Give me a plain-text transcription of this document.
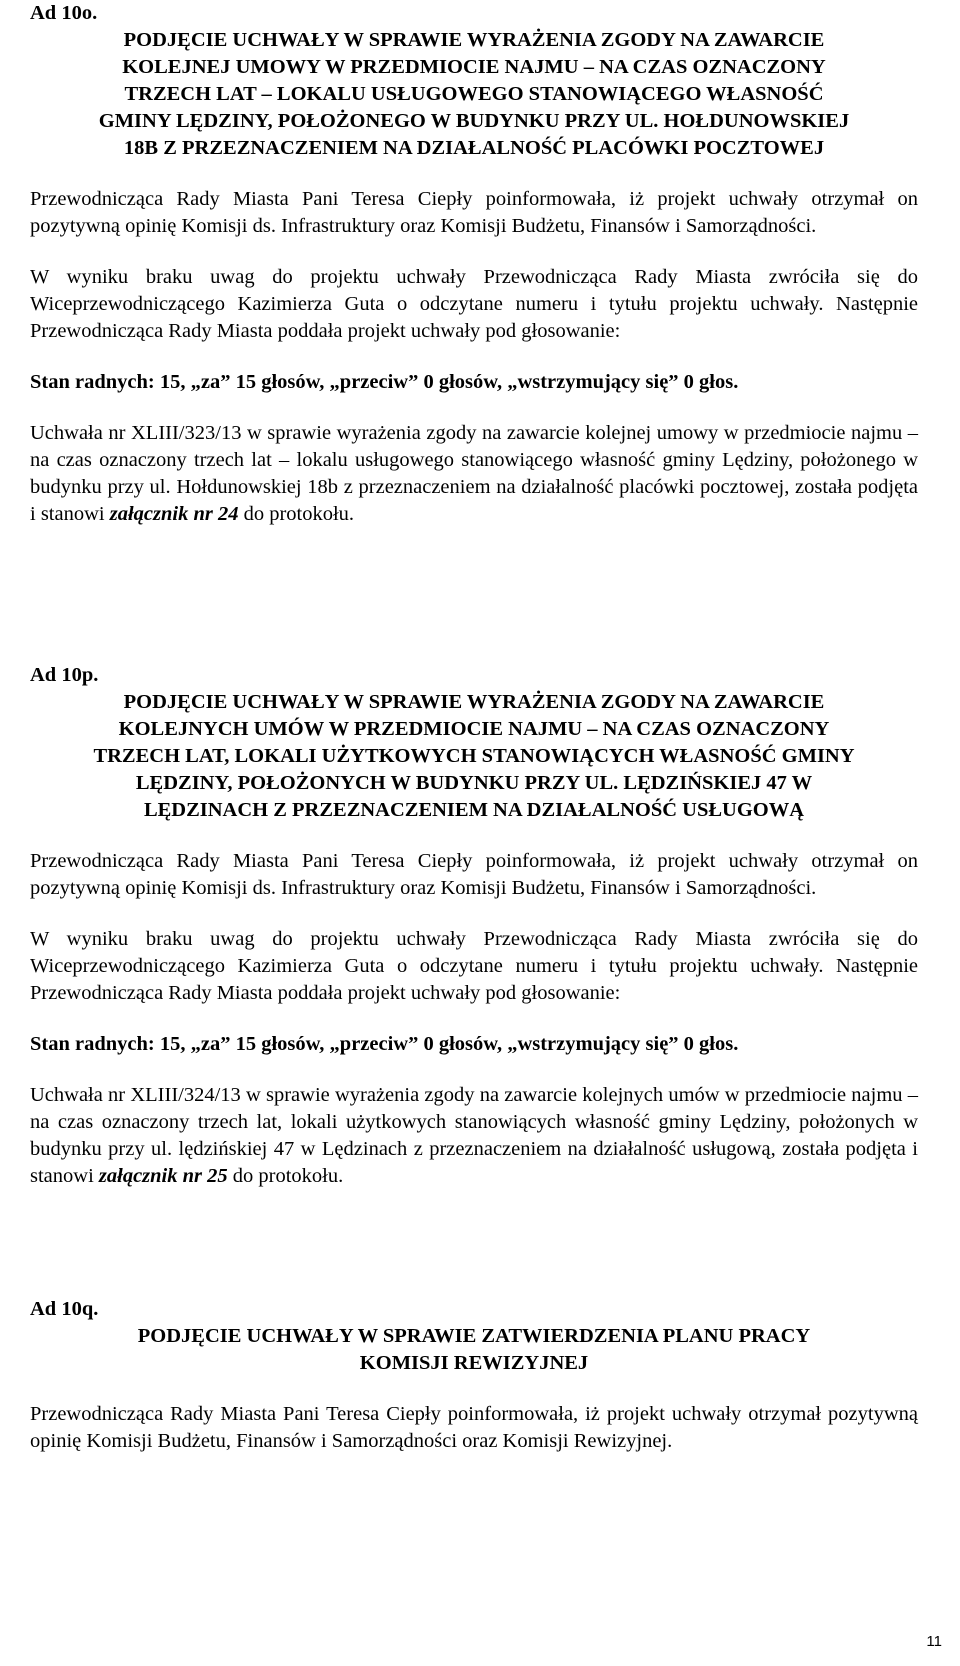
Ad 10o.

PODJĘCIE UCHWAŁY W SPRAWIE WYRAŻENIA ZGODY NA ZAWARCIE
KOLEJNEJ UMOWY W PRZEDMIOCIE NAJMU – NA CZAS OZNACZONY
TRZECH LAT – LOKALU USŁUGOWEGO STANOWIĄCEGO WŁASNOŚĆ
GMINY LĘDZINY, POŁOŻONEGO W BUDYNKU PRZY UL. HOŁDUNOWSKIEJ
18B Z PRZEZNACZENIEM NA DZIAŁALNOŚĆ PLACÓWKI POCZTOWEJ

Przewodnicząca Rady Miasta Pani Teresa Ciepły poinformowała, iż projekt uchwały otrzymał on pozytywną opinię Komisji ds. Infrastruktury oraz Komisji Budżetu, Finansów i Samorządności.

W wyniku braku uwag do projektu uchwały Przewodnicząca Rady Miasta zwróciła się do Wiceprzewodniczącego Kazimierza Guta o odczytane numeru i tytułu projektu uchwały. Następnie Przewodnicząca Rady Miasta poddała projekt uchwały pod głosowanie:

Stan radnych: 15, „za” 15 głosów, „przeciw” 0 głosów, „wstrzymujący się” 0 głos.

Uchwała nr XLIII/323/13 w sprawie wyrażenia zgody na zawarcie kolejnej umowy w przedmiocie najmu – na czas oznaczony trzech lat – lokalu usługowego stanowiącego własność gminy Lędziny, położonego w budynku przy ul. Hołdunowskiej 18b z przeznaczeniem na działalność placówki pocztowej, została podjęta i stanowi załącznik nr 24 do protokołu.

Ad 10p.

PODJĘCIE UCHWAŁY W SPRAWIE WYRAŻENIA ZGODY NA ZAWARCIE
KOLEJNYCH UMÓW W PRZEDMIOCIE NAJMU – NA CZAS OZNACZONY
TRZECH LAT, LOKALI UŻYTKOWYCH STANOWIĄCYCH WŁASNOŚĆ GMINY
LĘDZINY, POŁOŻONYCH W BUDYNKU PRZY UL. LĘDZIŃSKIEJ 47 W
LĘDZINACH Z PRZEZNACZENIEM NA DZIAŁALNOŚĆ USŁUGOWĄ

Przewodnicząca Rady Miasta Pani Teresa Ciepły poinformowała, iż projekt uchwały otrzymał on pozytywną opinię Komisji ds. Infrastruktury oraz Komisji Budżetu, Finansów i Samorządności.

W wyniku braku uwag do projektu uchwały Przewodnicząca Rady Miasta zwróciła się do Wiceprzewodniczącego Kazimierza Guta o odczytane numeru i tytułu projektu uchwały. Następnie Przewodnicząca Rady Miasta poddała projekt uchwały pod głosowanie:

Stan radnych: 15, „za” 15 głosów, „przeciw” 0 głosów, „wstrzymujący się” 0 głos.

Uchwała nr XLIII/324/13 w sprawie wyrażenia zgody na zawarcie kolejnych umów w przedmiocie najmu – na czas oznaczony trzech lat, lokali użytkowych stanowiących własność gminy Lędziny, położonych w budynku przy ul. lędzińskiej 47 w Lędzinach z przeznaczeniem na działalność usługową, została podjęta i stanowi załącznik nr 25 do protokołu.

Ad 10q.

PODJĘCIE UCHWAŁY W SPRAWIE ZATWIERDZENIA PLANU PRACY
KOMISJI REWIZYJNEJ

Przewodnicząca Rady Miasta Pani Teresa Ciepły poinformowała, iż projekt uchwały otrzymał pozytywną opinię Komisji Budżetu, Finansów i Samorządności oraz Komisji Rewizyjnej.

11
